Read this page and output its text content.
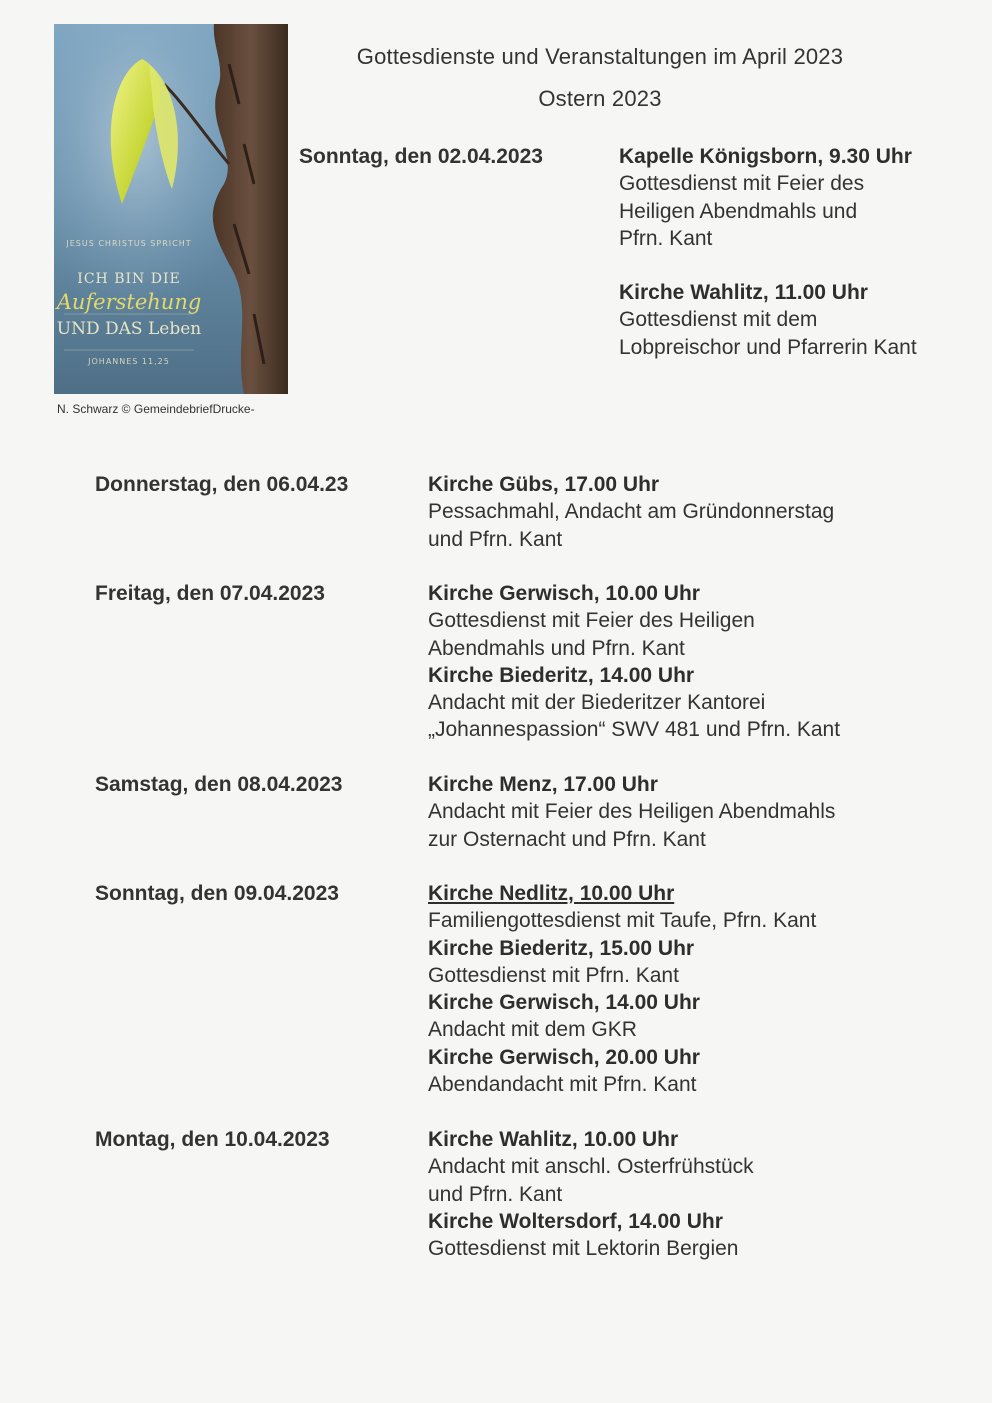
JESUS CHRISTUS SPRICHT
ICH BIN DIE
Auferstehung
UND DAS Leben
JOHANNES 11,25
N. Schwarz © GemeindebriefDrucke-
Gottesdienste und Veranstaltungen im April 2023
Ostern 2023
Sonntag, den 02.04.2023	Kapelle Königsborn, 9.30 Uhr
Gottesdienst mit Feier des
Heiligen Abendmahls und
Pfrn. Kant
Kirche Wahlitz, 11.00 Uhr
Gottesdienst mit dem
Lobpreischor und Pfarrerin Kant
Donnerstag, den 06.04.23	Kirche Gübs, 17.00 Uhr
Pessachmahl, Andacht am Gründonnerstag
und Pfrn. Kant
Freitag, den 07.04.2023	Kirche Gerwisch, 10.00 Uhr
Gottesdienst mit Feier des Heiligen
Abendmahls und Pfrn. Kant
Kirche Biederitz, 14.00 Uhr
Andacht mit der Biederitzer Kantorei
„Johannespassion“ SWV 481 und Pfrn. Kant
Samstag, den 08.04.2023	Kirche Menz, 17.00 Uhr
Andacht mit Feier des Heiligen Abendmahls
zur Osternacht und Pfrn. Kant
Sonntag, den 09.04.2023	Kirche Nedlitz, 10.00 Uhr
Familiengottesdienst mit Taufe, Pfrn. Kant
Kirche Biederitz, 15.00 Uhr
Gottesdienst mit Pfrn. Kant
Kirche Gerwisch, 14.00 Uhr
Andacht mit dem GKR
Kirche Gerwisch, 20.00 Uhr
Abendandacht mit Pfrn. Kant
Montag, den 10.04.2023	Kirche Wahlitz, 10.00 Uhr
Andacht mit anschl. Osterfrühstück
und Pfrn. Kant
Kirche Woltersdorf, 14.00 Uhr
Gottesdienst mit Lektorin Bergien
